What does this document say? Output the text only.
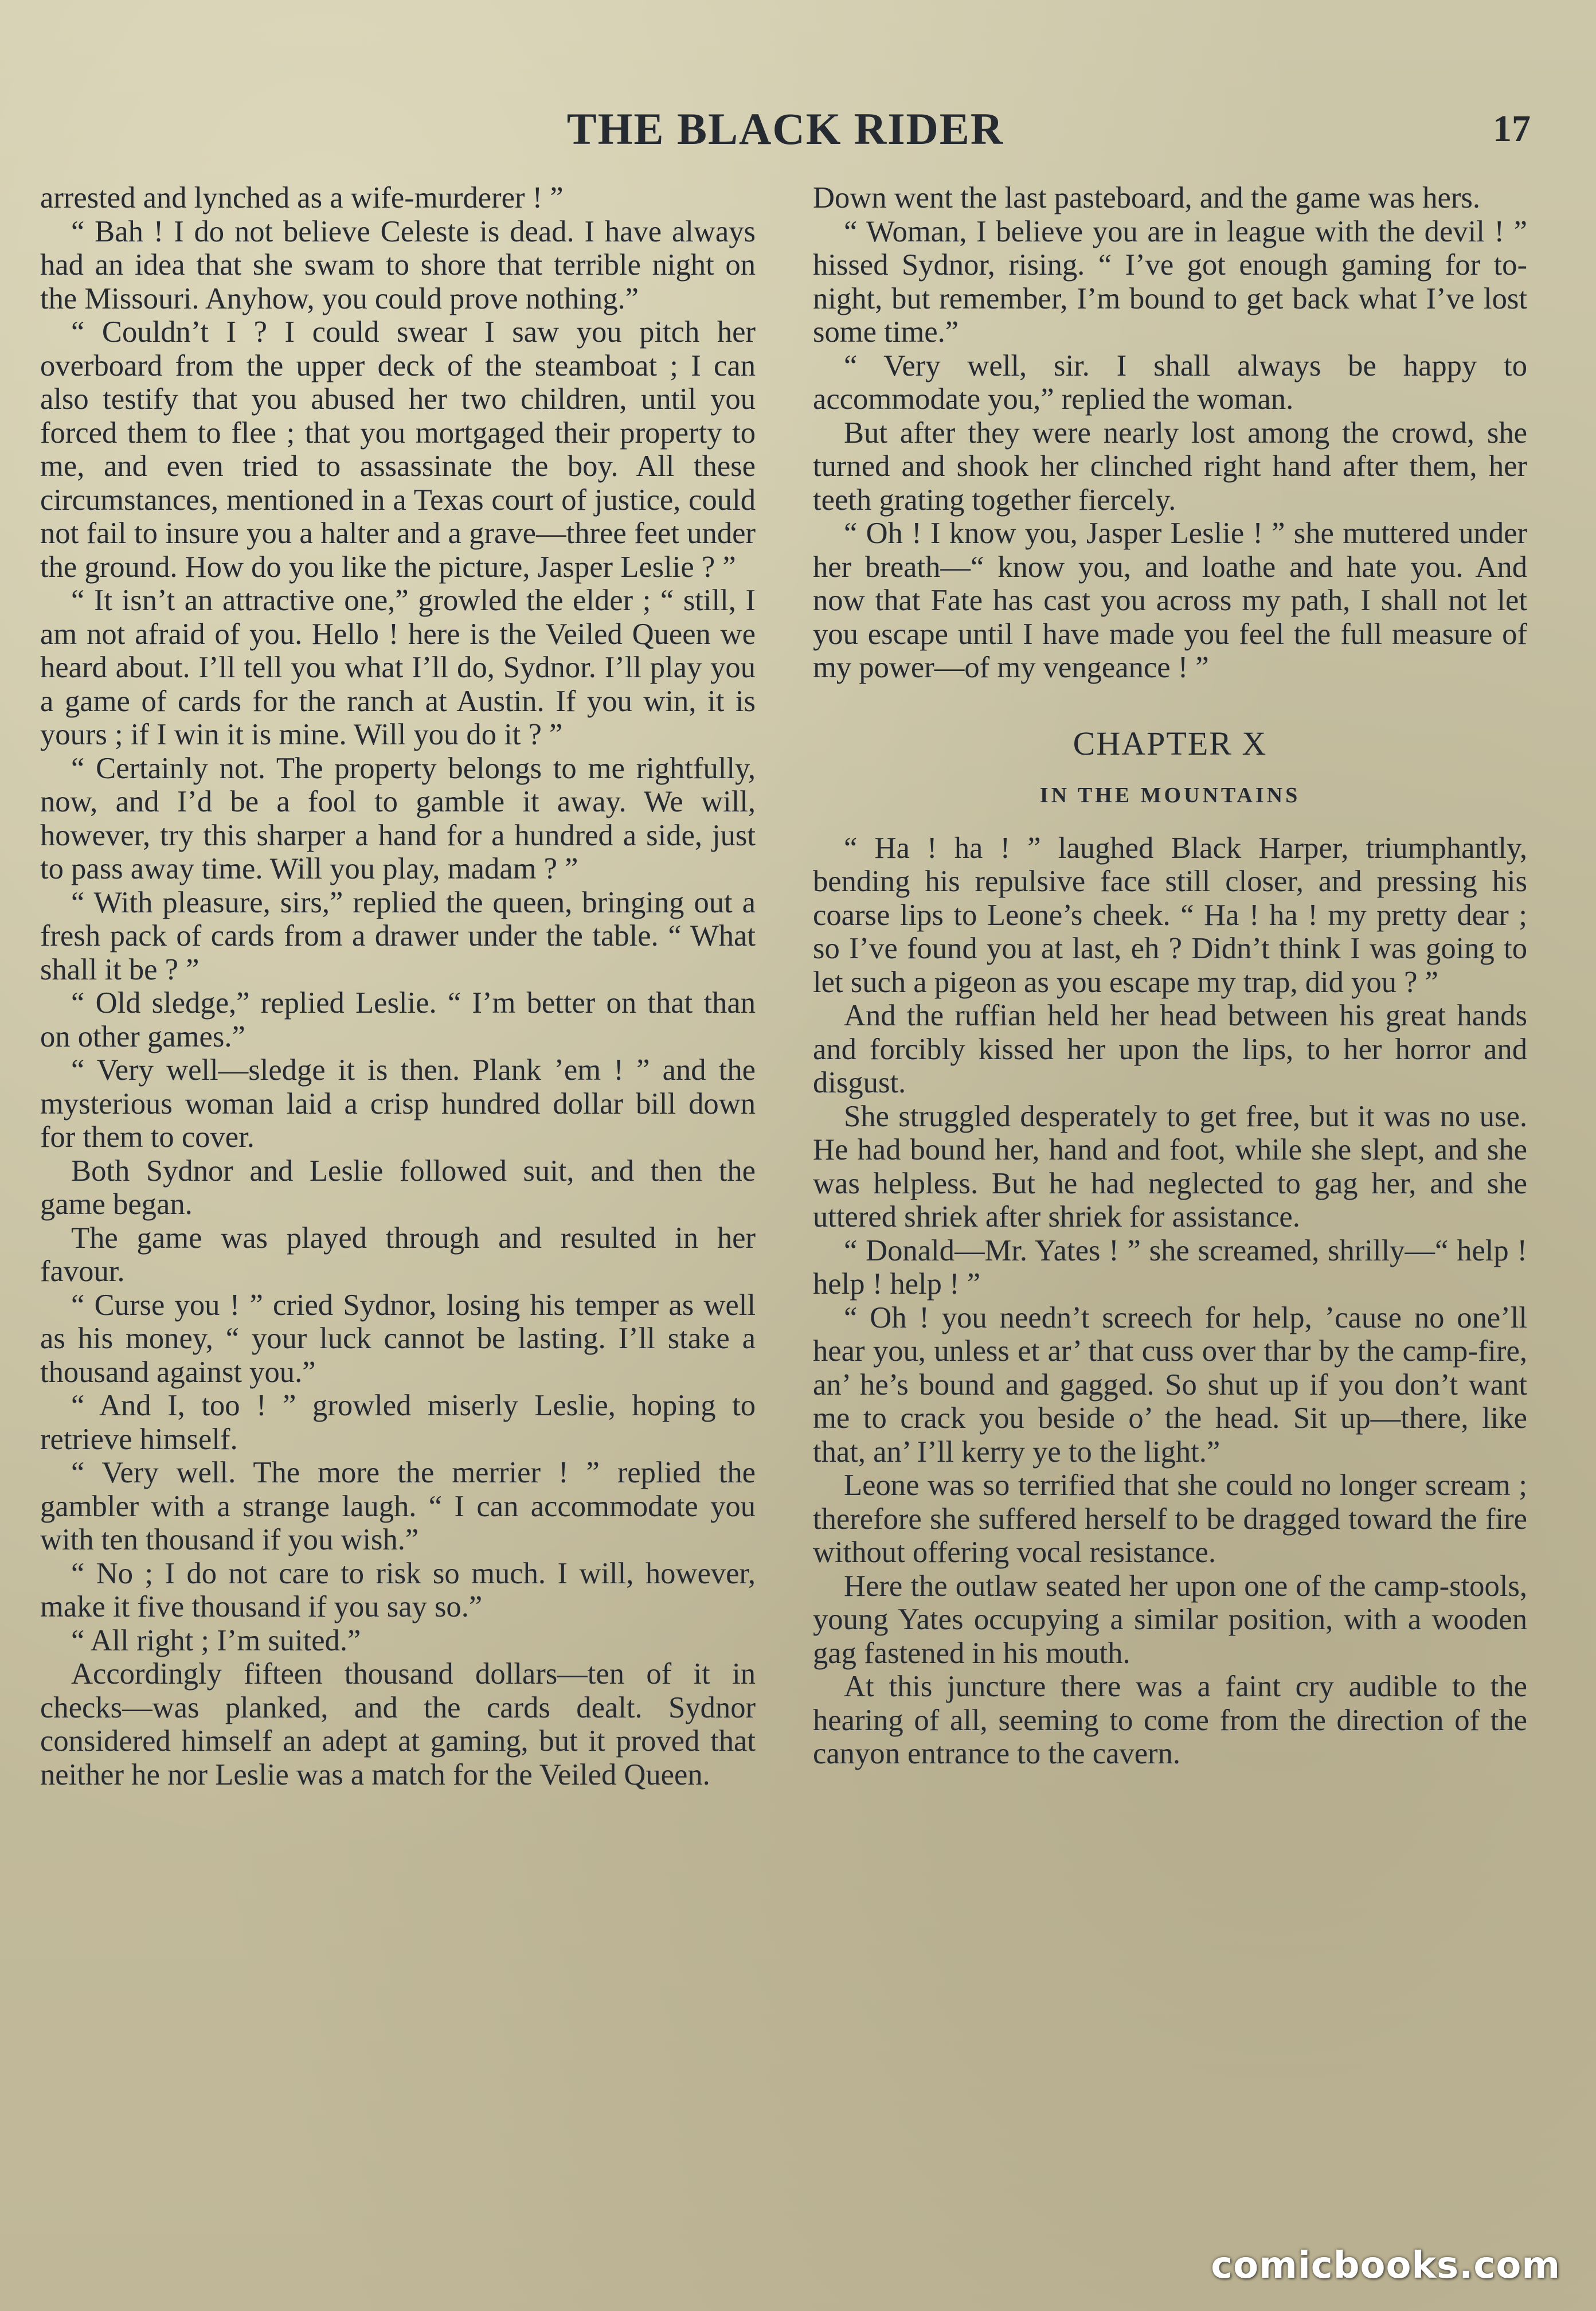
THE BLACK RIDER	17

arrested and lynched as a wife-murderer ! ”

“ Bah ! I do not believe Celeste is dead. I have always had an idea that she swam to shore that terrible night on the Missouri. Anyhow, you could prove nothing.”

“ Couldn’t I ? I could swear I saw you pitch her overboard from the upper deck of the steamboat ; I can also testify that you abused her two children, until you forced them to flee ; that you mortgaged their property to me, and even tried to assassinate the boy. All these circumstances, mentioned in a Texas court of justice, could not fail to insure you a halter and a grave—three feet under the ground. How do you like the picture, Jasper Leslie ? ”

“ It isn’t an attractive one,” growled the elder ; “ still, I am not afraid of you. Hello ! here is the Veiled Queen we heard about. I’ll tell you what I’ll do, Sydnor. I’ll play you a game of cards for the ranch at Austin. If you win, it is yours ; if I win it is mine. Will you do it ? ”

“ Certainly not. The property belongs to me rightfully, now, and I’d be a fool to gamble it away. We will, however, try this sharper a hand for a hundred a side, just to pass away time. Will you play, madam ? ”

“ With pleasure, sirs,” replied the queen, bringing out a fresh pack of cards from a drawer under the table. “ What shall it be ? ”

“ Old sledge,” replied Leslie. “ I’m better on that than on other games.”

“ Very well—sledge it is then. Plank ’em ! ” and the mysterious woman laid a crisp hundred dollar bill down for them to cover.

Both Sydnor and Leslie followed suit, and then the game began.

The game was played through and resulted in her favour.

“ Curse you ! ” cried Sydnor, losing his temper as well as his money, “ your luck cannot be lasting. I’ll stake a thousand against you.”

“ And I, too ! ” growled miserly Leslie, hoping to retrieve himself.

“ Very well. The more the merrier ! ” replied the gambler with a strange laugh. “ I can accommodate you with ten thousand if you wish.”

“ No ; I do not care to risk so much. I will, however, make it five thousand if you say so.”

“ All right ; I’m suited.”

Accordingly fifteen thousand dollars—ten of it in checks—was planked, and the cards dealt. Sydnor considered himself an adept at gaming, but it proved that neither he nor Leslie was a match for the Veiled Queen.

Down went the last pasteboard, and the game was hers.

“ Woman, I believe you are in league with the devil ! ” hissed Sydnor, rising. “ I’ve got enough gaming for to-night, but remember, I’m bound to get back what I’ve lost some time.”

“ Very well, sir. I shall always be happy to accommodate you,” replied the woman.

But after they were nearly lost among the crowd, she turned and shook her clinched right hand after them, her teeth grating together fiercely.

“ Oh ! I know you, Jasper Leslie ! ” she muttered under her breath—“ know you, and loathe and hate you. And now that Fate has cast you across my path, I shall not let you escape until I have made you feel the full measure of my power—of my vengeance ! ”

CHAPTER X
IN THE MOUNTAINS

“ Ha ! ha ! ” laughed Black Harper, triumphantly, bending his repulsive face still closer, and pressing his coarse lips to Leone’s cheek. “ Ha ! ha ! my pretty dear ; so I’ve found you at last, eh ? Didn’t think I was going to let such a pigeon as you escape my trap, did you ? ”

And the ruffian held her head between his great hands and forcibly kissed her upon the lips, to her horror and disgust.

She struggled desperately to get free, but it was no use. He had bound her, hand and foot, while she slept, and she was helpless. But he had neglected to gag her, and she uttered shriek after shriek for assistance.

“ Donald—Mr. Yates ! ” she screamed, shrilly—“ help ! help ! help ! ”

“ Oh ! you needn’t screech for help, ’cause no one’ll hear you, unless et ar’ that cuss over thar by the camp-fire, an’ he’s bound and gagged. So shut up if you don’t want me to crack you beside o’ the head. Sit up—there, like that, an’ I’ll kerry ye to the light.”

Leone was so terrified that she could no longer scream ; therefore she suffered herself to be dragged toward the fire without offering vocal resistance.

Here the outlaw seated her upon one of the camp-stools, young Yates occupying a similar position, with a wooden gag fastened in his mouth.

At this juncture there was a faint cry audible to the hearing of all, seeming to come from the direction of the canyon entrance to the cavern.

comicbooks.com
